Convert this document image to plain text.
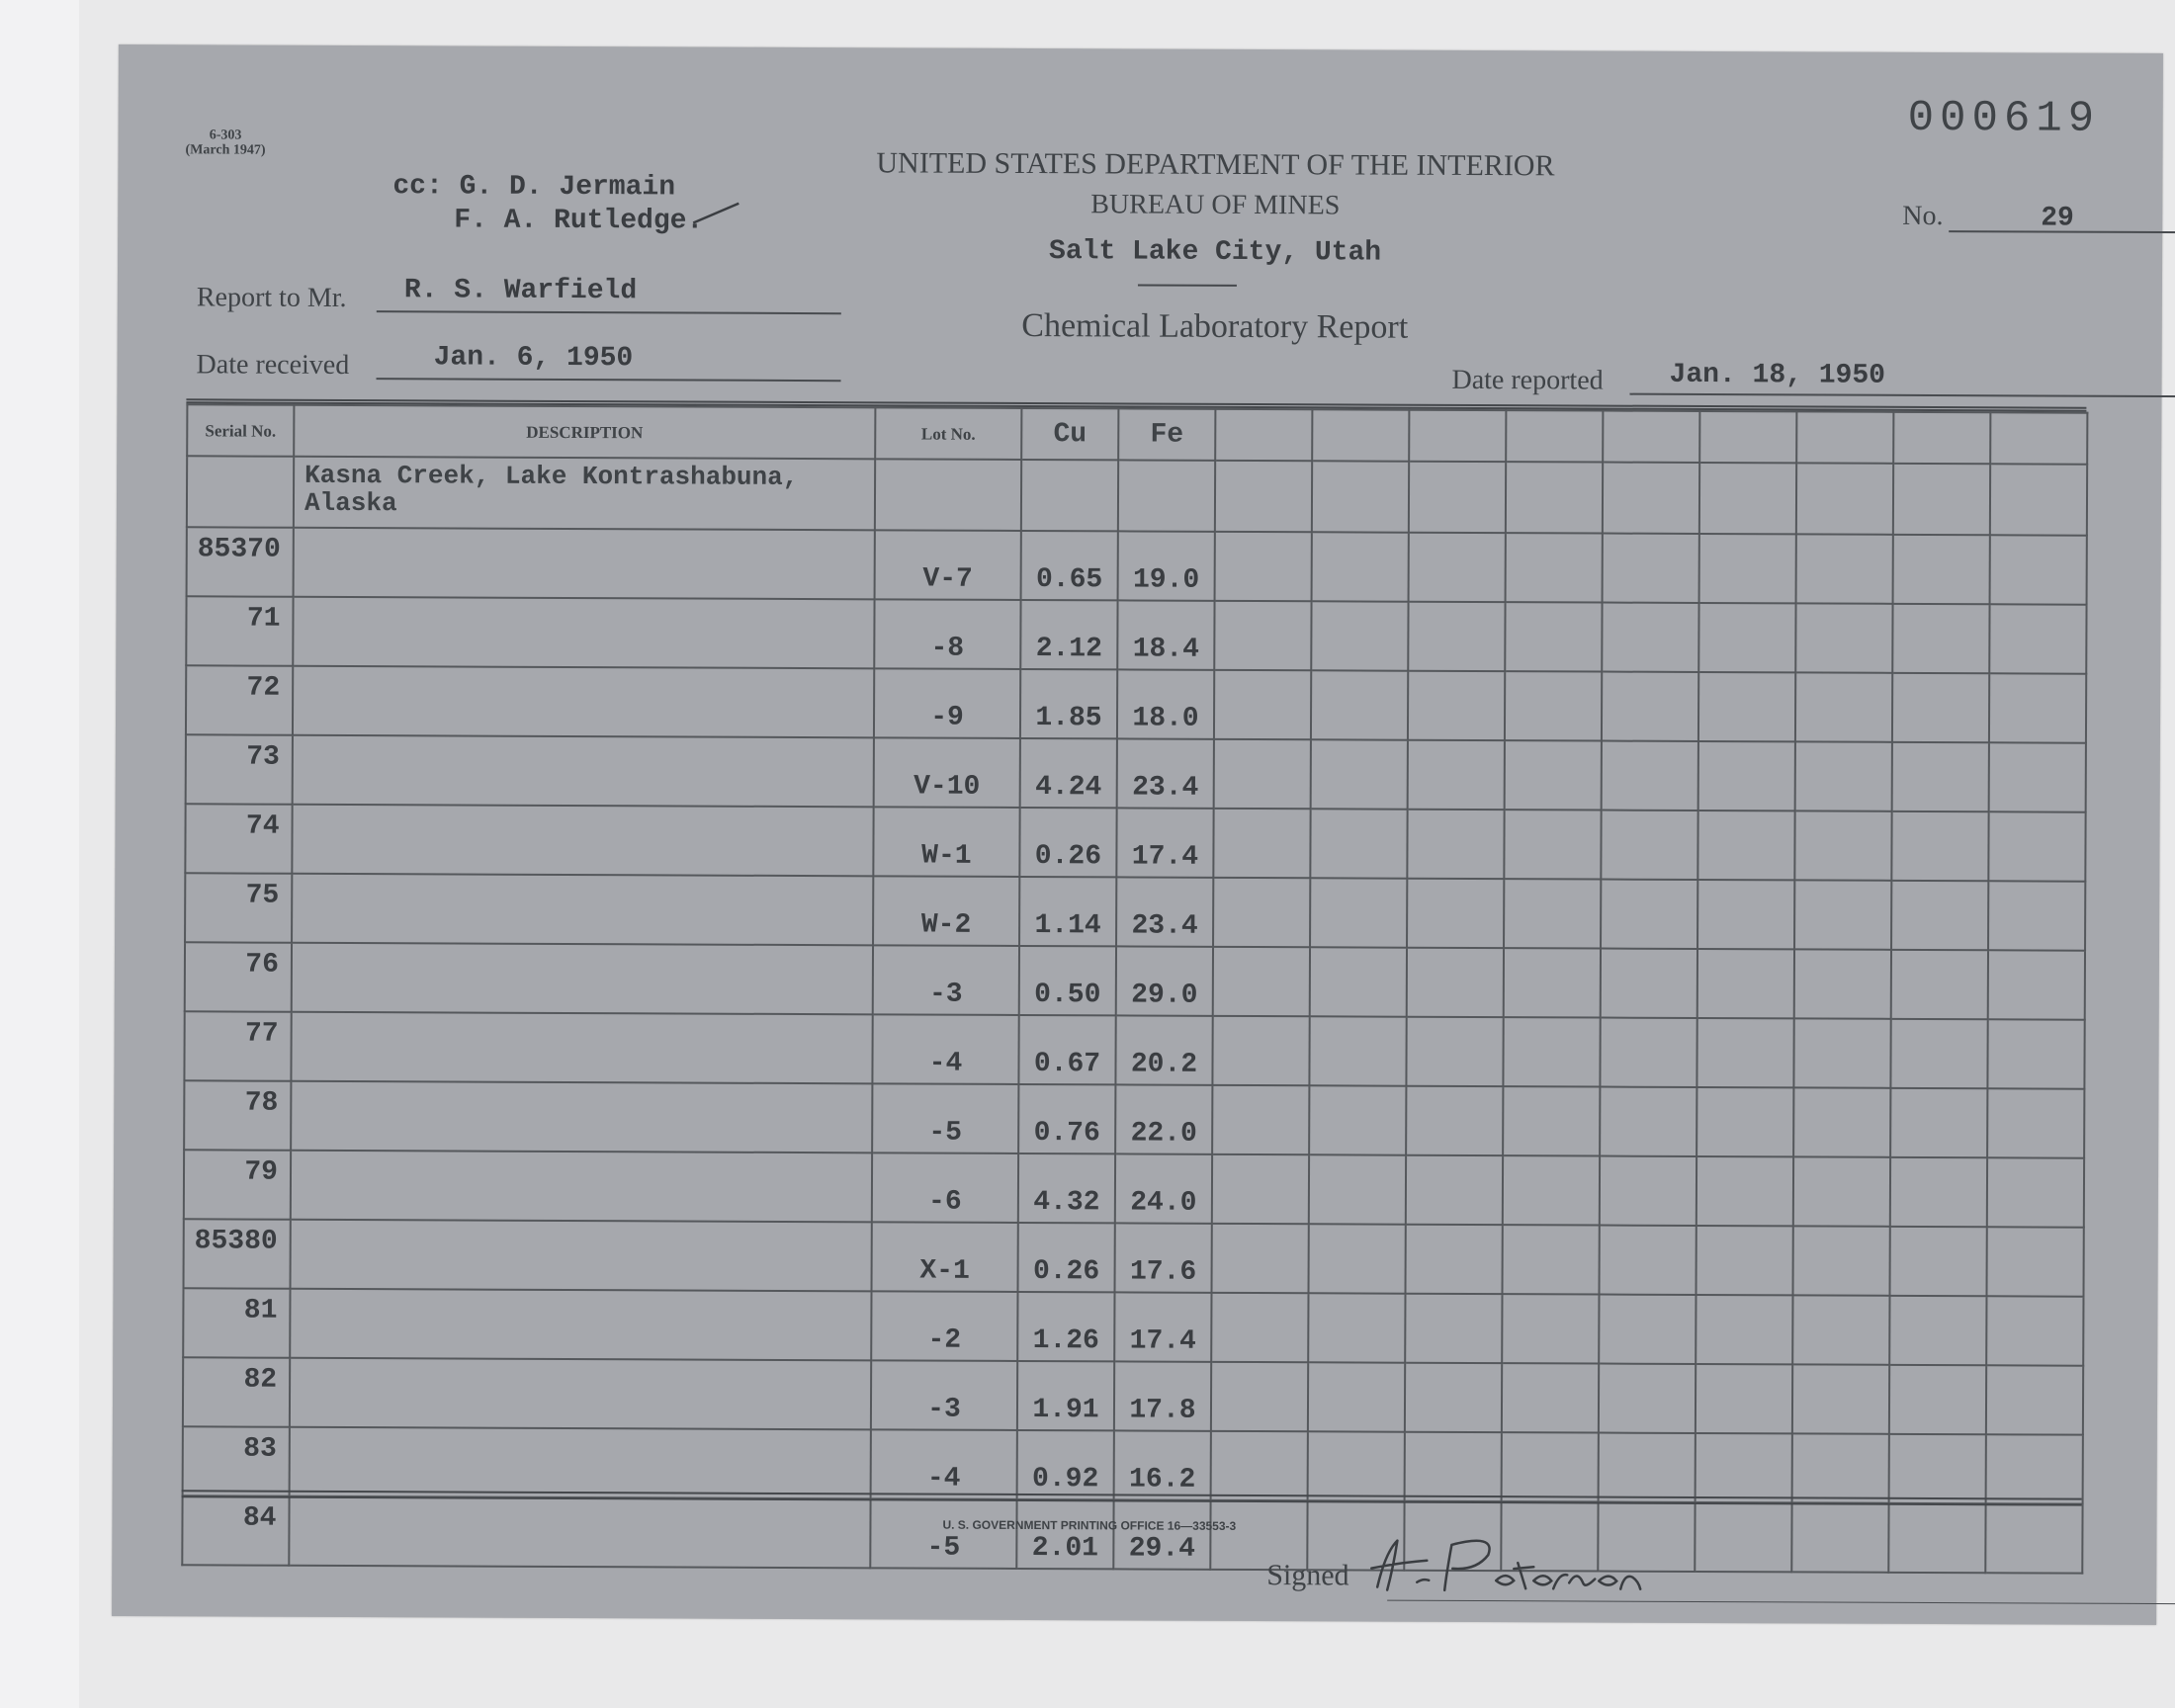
6-303
(March 1947)
000619
UNITED STATES DEPARTMENT OF THE INTERIOR
BUREAU OF MINES
Salt Lake City, Utah
Chemical Laboratory Report
cc: G. D. Jermain
F. A. Rutledge.	No.	29
Report to Mr. R. S. Warfield
Date received	Jan. 6, 1950
Date reported Jan. 18, 1950
Serial No.	DESCRIPTION	Lot No.	Cu	Fe									
	Kasna Creek, Lake Kontrashabuna, Alaska												
85370		V-7	0.65	19.0									
71		-8	2.12	18.4									
72		-9	1.85	18.0									
73		V-10	4.24	23.4									
74		W-1	0.26	17.4									
75		W-2	1.14	23.4									
76		-3	0.50	29.0									
77		-4	0.67	20.2									
78		-5	0.76	22.0									
79		-6	4.32	24.0									
85380		X-1	0.26	17.6									
81		-2	1.26	17.4									
82		-3	1.91	17.8									
83		-4	0.92	16.2									
84		-5	2.01	29.4									
U. S. GOVERNMENT PRINTING OFFICE 16—33553-3
Signed
